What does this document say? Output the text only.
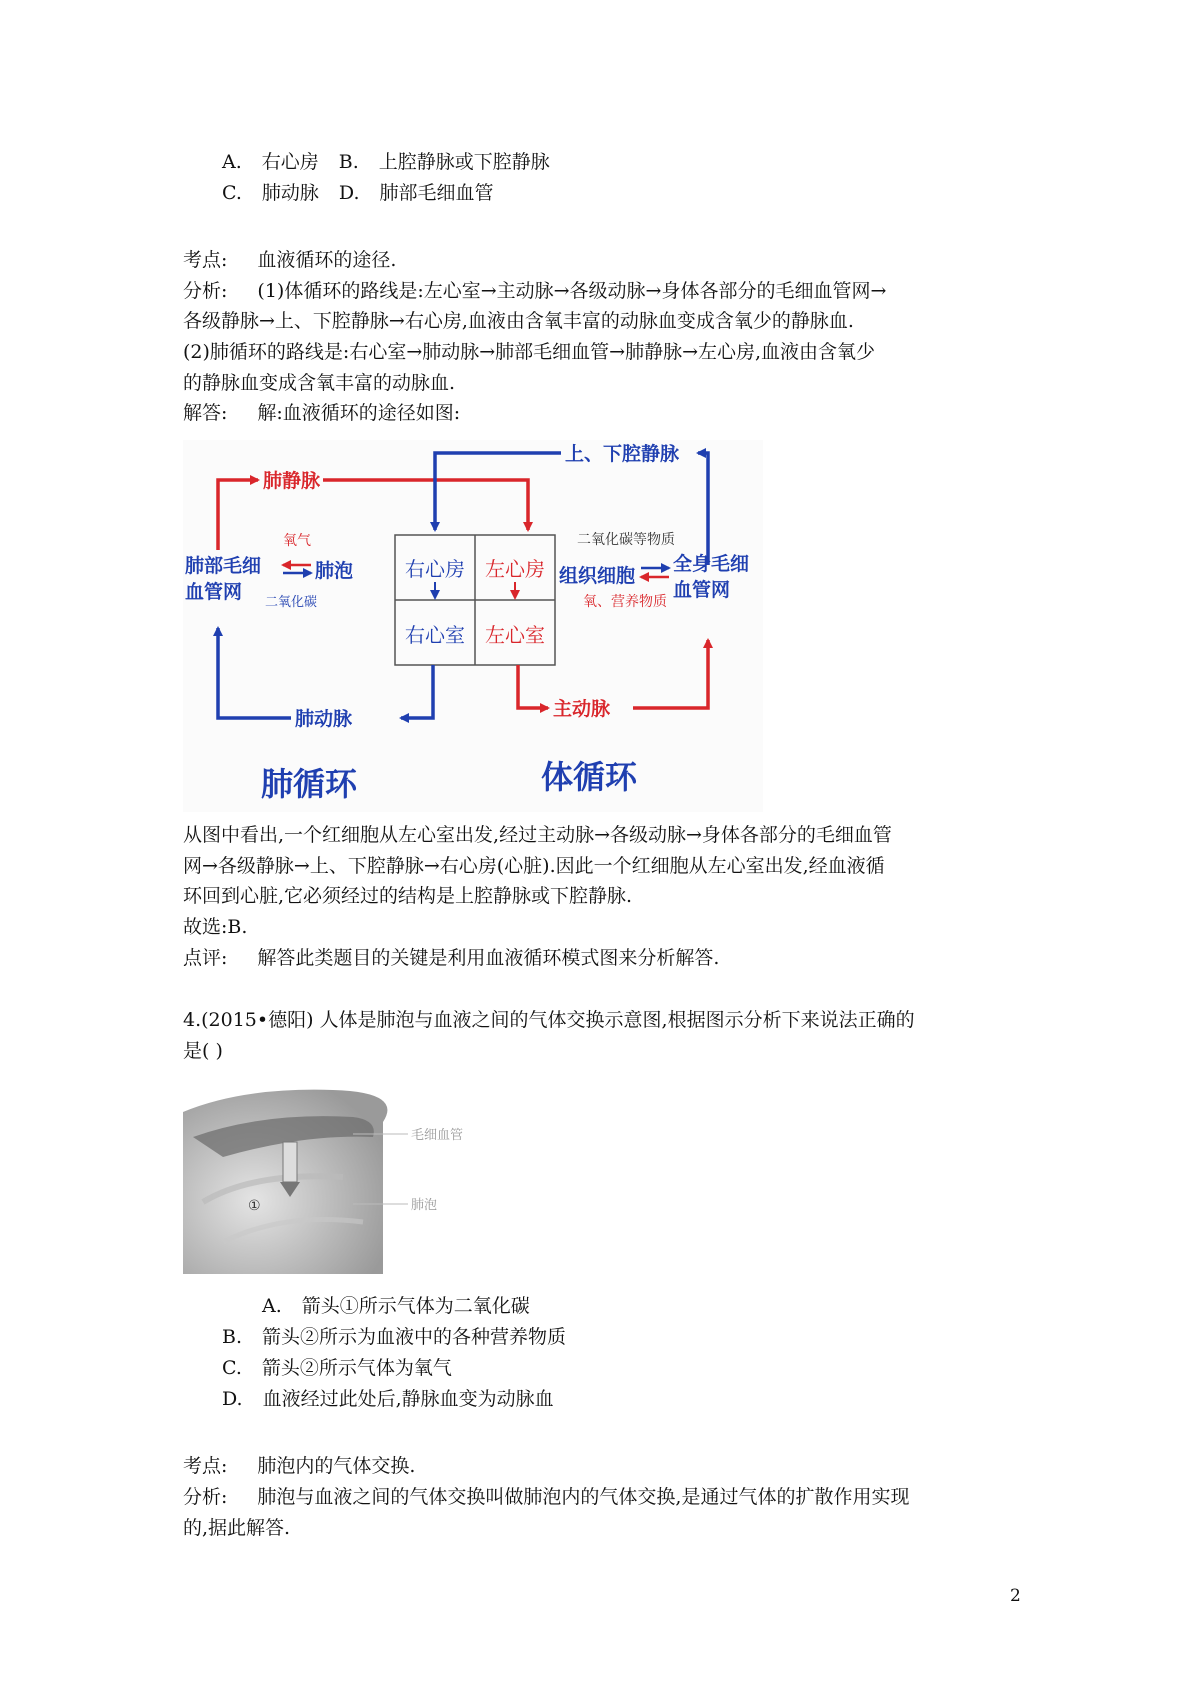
A. 右心房 B. 上腔静脉或下腔静脉
C. 肺动脉 D. 肺部毛细血管
考点: 血液循环的途径.
分析: (1)体循环的路线是:左心室→主动脉→各级动脉→身体各部分的毛细血管网→
各级静脉→上、下腔静脉→右心房,血液由含氧丰富的动脉血变成含氧少的静脉血.
(2)肺循环的路线是:右心室→肺动脉→肺部毛细血管→肺静脉→左心房,血液由含氧少
的静脉血变成含氧丰富的动脉血.
解答: 解:血液循环的途径如图:
右心房 左心房
右心室 左心室
肺静脉
上、下腔静脉
肺部毛细
血管网
氧气
肺泡
二氧化碳
二氧化碳等物质
组织细胞
全身毛细
血管网
氧、营养物质
肺动脉	主动脉
肺循环	体循环
从图中看出,一个红细胞从左心室出发,经过主动脉→各级动脉→身体各部分的毛细血管
网→各级静脉→上、下腔静脉→右心房(心脏).因此一个红细胞从左心室出发,经血液循
环回到心脏,它必须经过的结构是上腔静脉或下腔静脉.
故选:B.
点评: 解答此类题目的关键是利用血液循环模式图来分析解答.
4.(2015•德阳) 人体是肺泡与血液之间的气体交换示意图,根据图示分析下来说法正确的
是( )
①
毛细血管
肺泡
A. 箭头①所示气体为二氧化碳
B. 箭头②所示为血液中的各种营养物质
C. 箭头②所示气体为氧气
D. 血液经过此处后,静脉血变为动脉血
考点: 肺泡内的气体交换.
分析: 肺泡与血液之间的气体交换叫做肺泡内的气体交换,是通过气体的扩散作用实现
的,据此解答.
2
